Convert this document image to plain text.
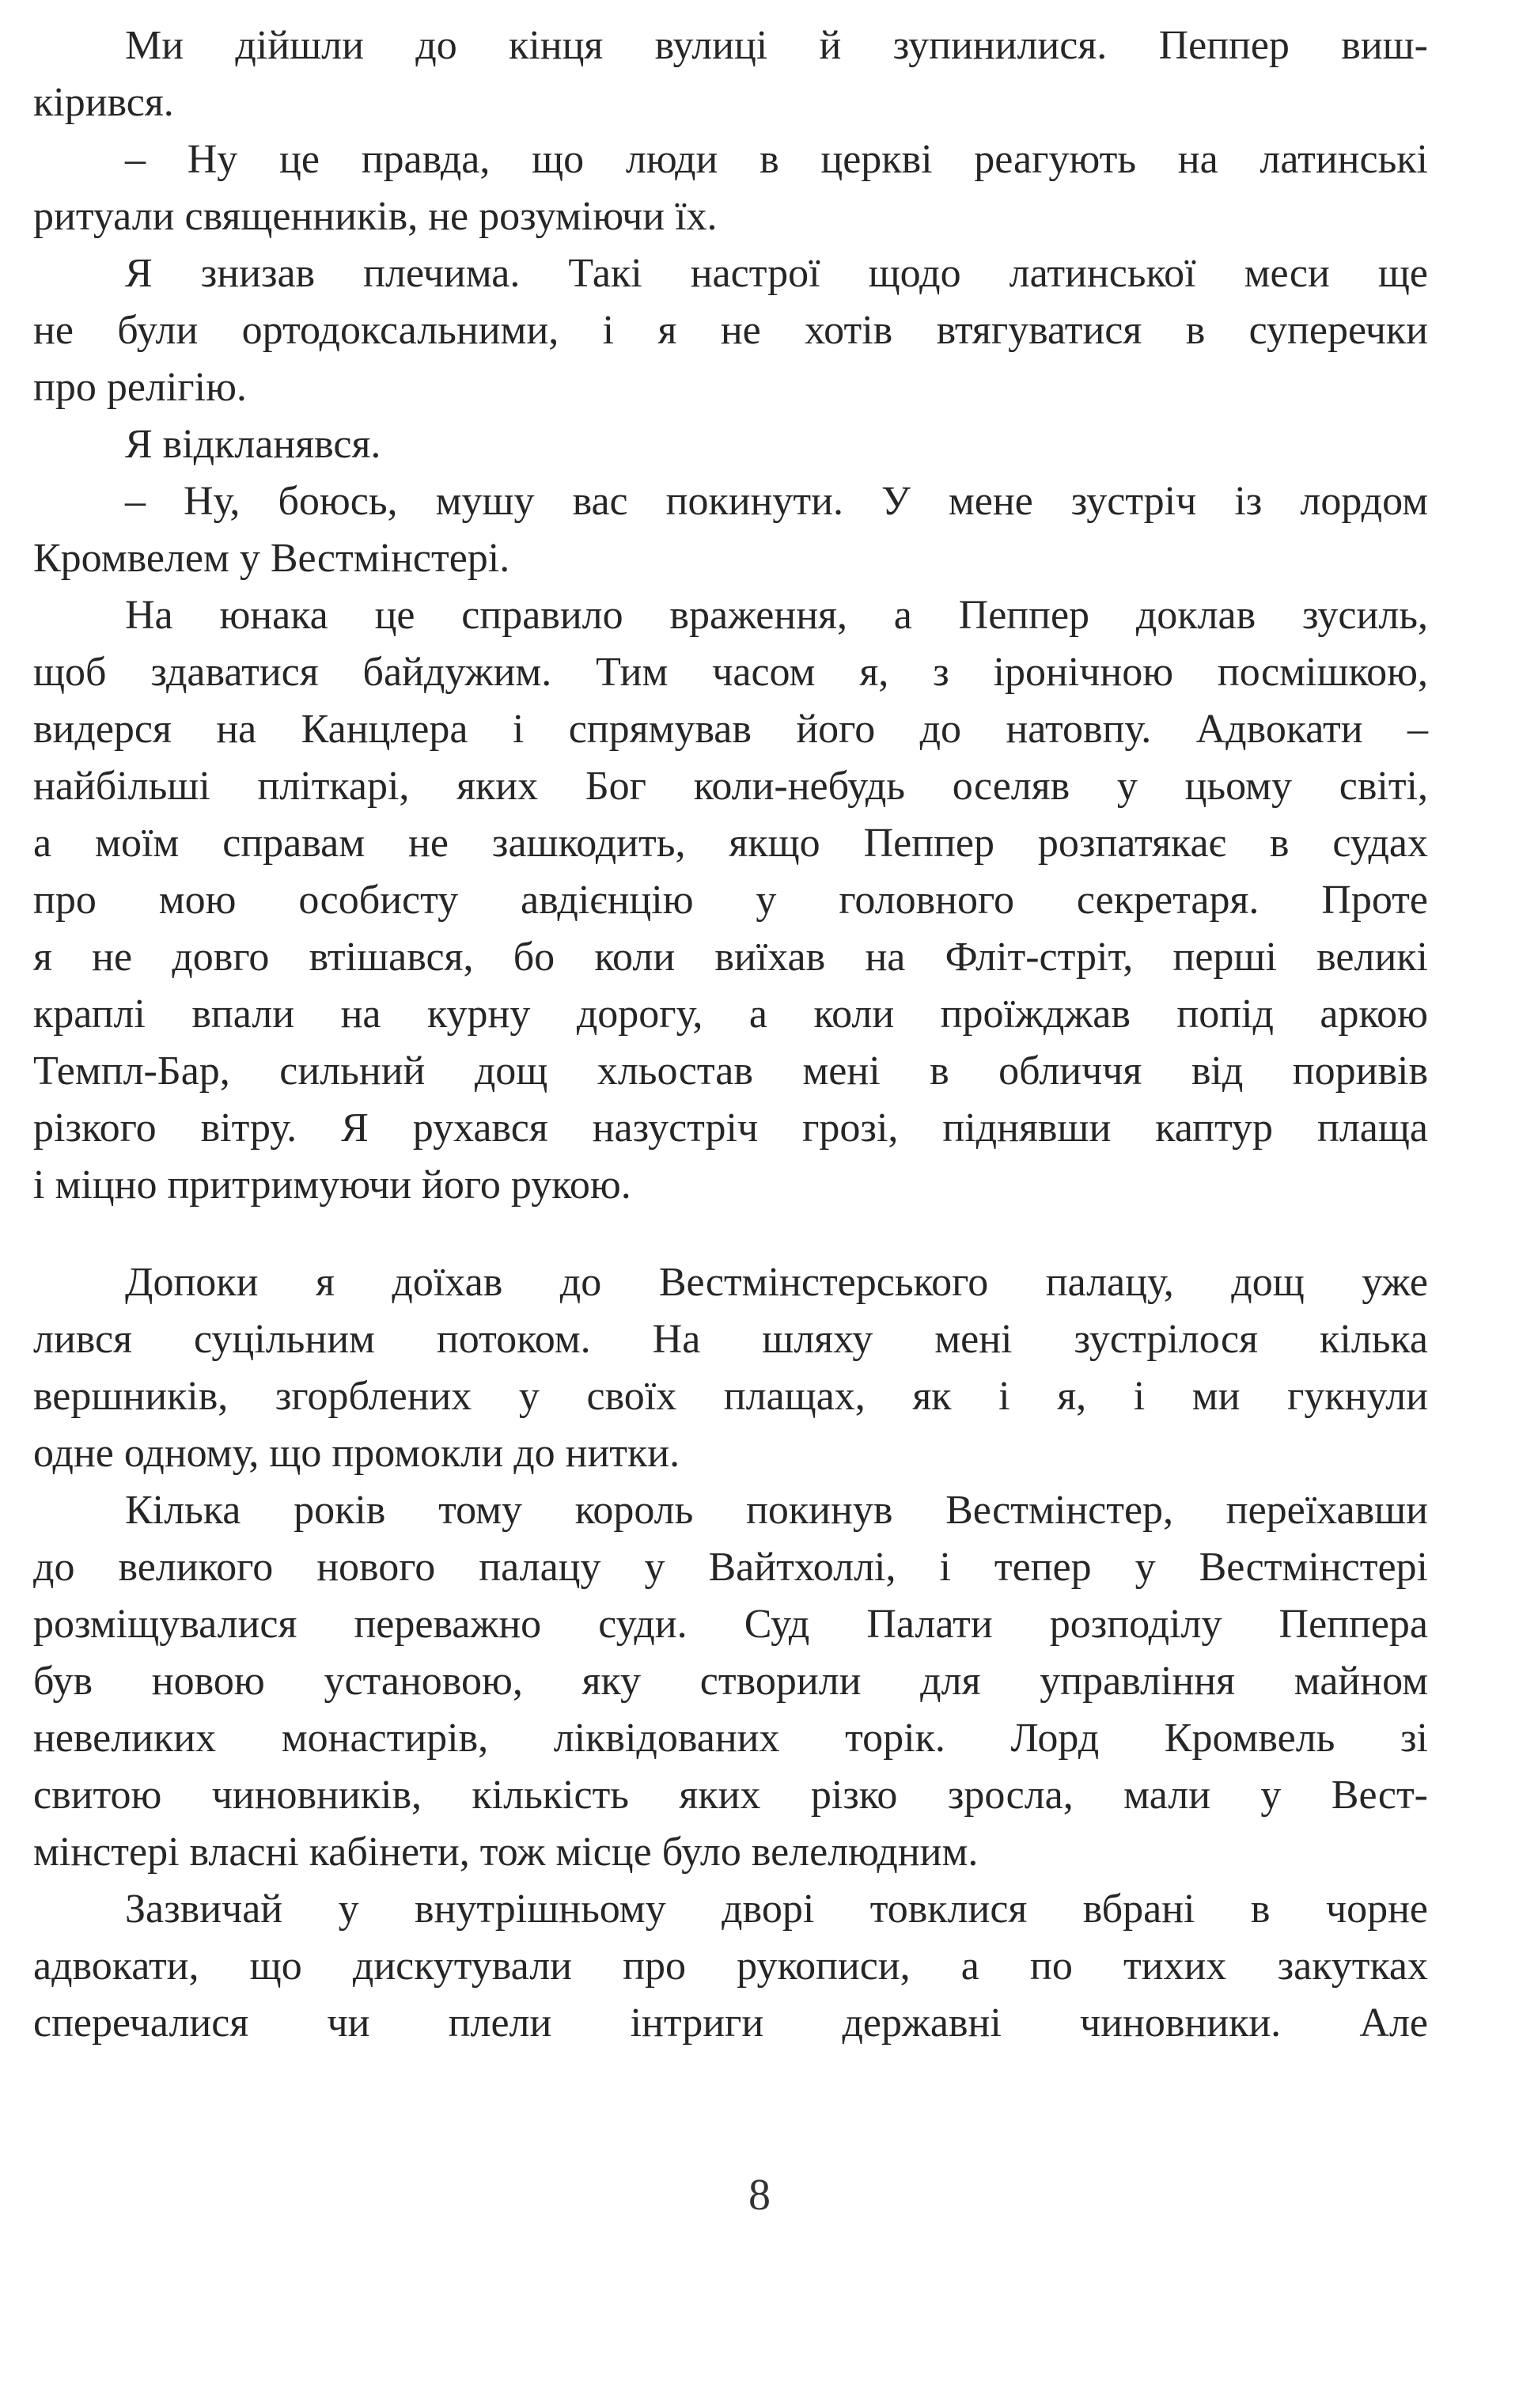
Ми дійшли до кінця вулиці й зупинилися. Пеппер виш-
кірився.
– Ну це правда, що люди в церкві реагують на латинські
ритуали священників, не розуміючи їх.
Я знизав плечима. Такі настрої щодо латинської меси ще
не були ортодоксальними, і я не хотів втягуватися в суперечки
про релігію.
Я відкланявся.
– Ну, боюсь, мушу вас покинути. У мене зустріч із лордом
Кромвелем у Вестмінстері.
На юнака це справило враження, а Пеппер доклав зусиль,
щоб здаватися байдужим. Тим часом я, з іронічною посмішкою,
видерся на Канцлера і спрямував його до натовпу. Адвокати –
найбільші пліткарі, яких Бог коли-небудь оселяв у цьому світі,
а моїм справам не зашкодить, якщо Пеппер розпатякає в судах
про мою особисту авдієнцію у головного секретаря. Проте
я не довго втішався, бо коли виїхав на Фліт-стріт, перші великі
краплі впали на курну дорогу, а коли проїжджав попід аркою
Темпл-Бар, сильний дощ хльостав мені в обличчя від поривів
різкого вітру. Я рухався назустріч грозі, піднявши каптур плаща
і міцно притримуючи його рукою.
Допоки я доїхав до Вестмінстерського палацу, дощ уже
лився суцільним потоком. На шляху мені зустрілося кілька
вершників, згорблених у своїх плащах, як і я, і ми гукнули
одне одному, що промокли до нитки.
Кілька років тому король покинув Вестмінстер, переїхавши
до великого нового палацу у Вайтхоллі, і тепер у Вестмінстері
розміщувалися переважно суди. Суд Палати розподілу Пеппера
був новою установою, яку створили для управління майном
невеликих монастирів, ліквідованих торік. Лорд Кромвель зі
свитою чиновників, кількість яких різко зросла, мали у Вест-
мінстері власні кабінети, тож місце було велелюдним.
Зазвичай у внутрішньому дворі товклися вбрані в чорне
адвокати, що дискутували про рукописи, а по тихих закутках
сперечалися чи плели інтриги державні чиновники. Але
8
